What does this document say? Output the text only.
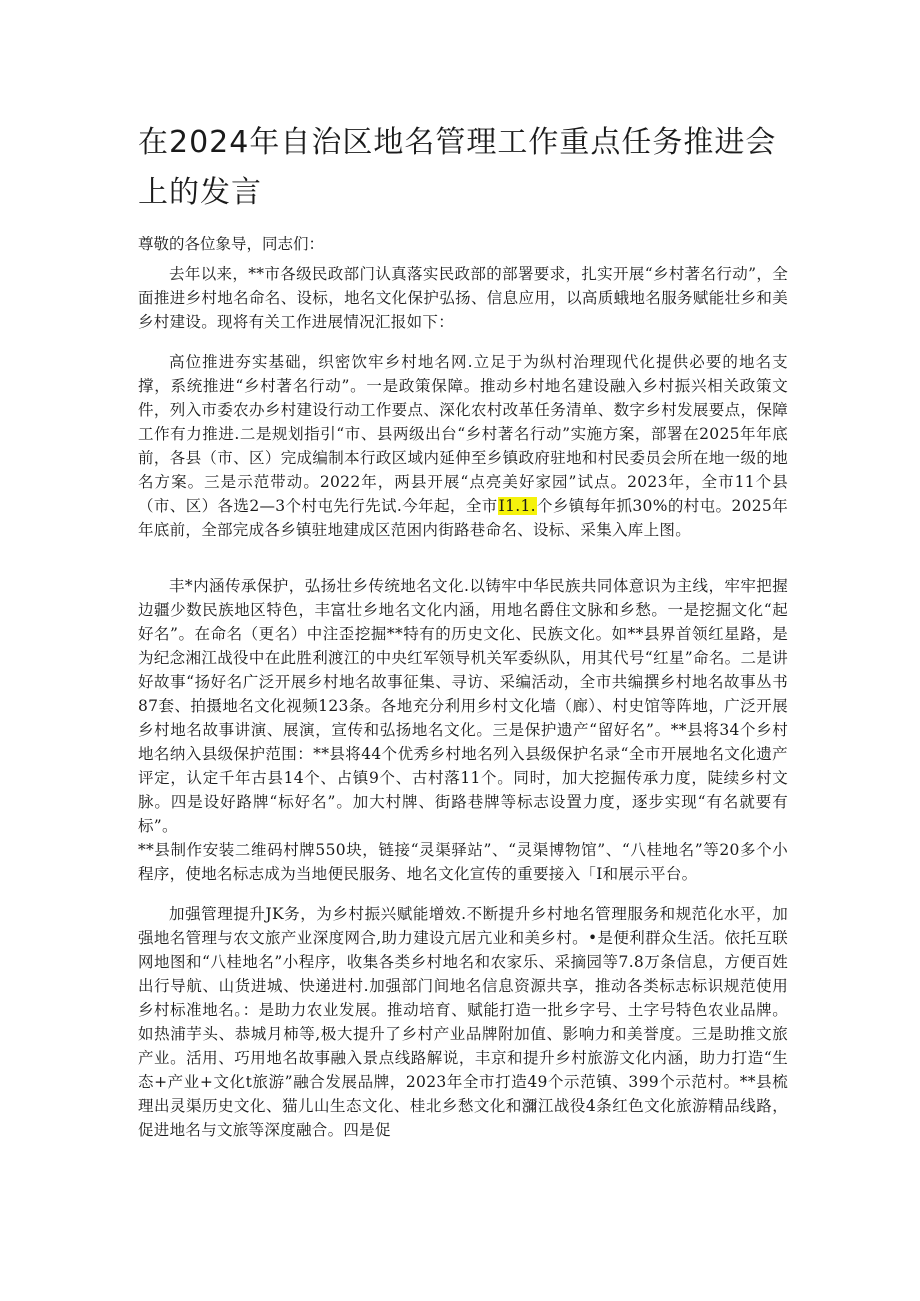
在2024年自治区地名管理工作重点任务推进会上的发言

尊敬的各位象导，同志们：

去年以来，**市各级民政部门认真落实民政部的部署要求，扎实开展“乡村著名行动”，全面推进乡村地名命名、设标，地名文化保护弘扬、信息应用，以高质蛾地名服务赋能壮乡和美乡村建设。现将有关工作进展情况汇报如下：

高位推进夯实基础，织密饮牢乡村地名网.立足于为纵村治理现代化提供必要的地名支撑，系统推进“乡村著名行动”。一是政策保障。推动乡村地名建设融入乡村振兴相关政策文件，列入市委农办乡村建设行动工作要点、深化农村改革任务清单、数字乡村发展要点，保障工作有力推进.二是规划指引“市、县两级出台“乡村著名行动”实施方案，部署在2025年年底前，各县（市、区）完成编制本行政区域内延伸至乡镇政府驻地和村民委员会所在地一级的地名方案。三是示范带动。2022年，两县开展“点亮美好家园”试点。2023年，全市11个县（市、区）各选2—3个村屯先行先试.今年起，全市I1.1.个乡镇每年抓30%的村屯。2025年年底前，全部完成各乡镇驻地建成区范困内街路巷命名、设标、采集入库上图。
丰*内涵传承保护，弘扬壮乡传统地名文化.以铸牢中华民族共同体意识为主线，牢牢把握边疆少数民族地区特色，丰富壮乡地名文化内涵，用地名爵住文脉和乡愁。一是挖掘文化“起好名”。在命名（更名）中注歪挖掘**特有的历史文化、民族文化。如**县界首领红星路，是为纪念湘江战役中在此胜利渡江的中央红军领导机关军委纵队，用其代号“红星”命名。二是讲好故事“扬好名广泛开展乡村地名故事征集、寻访、采编活动，全市共编撰乡村地名故事丛书87套、拍摄地名文化视频123条。各地充分利用乡村文化墙（廊）、村史馆等阵地，广泛开展乡村地名故事讲演、展演，宣传和弘扬地名文化。三是保护遗产“留好名”。**县将34个乡村地名纳入县级保护范围：**县将44个优秀乡村地名列入县级保护名录“全市开展地名文化遗产评定，认定千年古县14个、占镇9个、古村落11个。同时，加大挖掘传承力度，陡续乡村文脉。四是设好路牌“标好名”。加大村牌、街路巷牌等标志设置力度，逐步实现“有名就要有标”。
**县制作安装二维码村牌550块，链接“灵渠驿站”、“灵渠博物馆”、“八桂地名”等20多个小程序，使地名标志成为当地便民服务、地名文化宣传的重要接入「I和展示平台。

加强管理提升JK务，为乡村振兴赋能增效.不断提升乡村地名管理服务和规范化水平，加强地名管理与农文旅产业深度网合,助力建设亢居亢业和美乡村。•是便利群众生活。依托互联网地图和“八桂地名”小程序，收集各类乡村地名和农家乐、采摘园等7.8万条信息，方便百姓出行导航、山货进城、快递进村.加强部门间地名信息资源共享，推动各类标志标识规范使用乡村标准地名。：是助力农业发展。推动培育、赋能打造一批乡字号、土字号特色农业品牌。如热浦芋头、恭城月柿等,极大提升了乡村产业品牌附加值、影响力和美誉度。三是助推文旅产业。活用、巧用地名故事融入景点线路解说，丰京和提升乡村旅游文化内涵，助力打造“生态+产业+文化t旅游”融合发展品牌，2023年全市打造49个示范镇、399个示范村。**县梳理出灵渠历史文化、猫儿山生态文化、桂北乡愁文化和瀰江战役4条红色文化旅游精品线路，促进地名与文旅等深度融合。四是促
